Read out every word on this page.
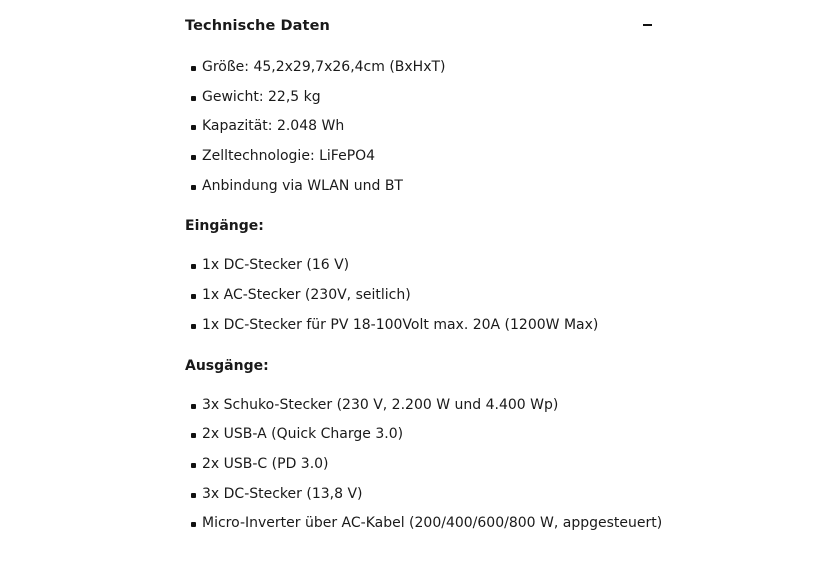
Technische Daten
Größe: 45,2x29,7x26,4cm (BxHxT)
Gewicht: 22,5 kg
Kapazität: 2.048 Wh
Zelltechnologie: LiFePO4
Anbindung via WLAN und BT
Eingänge:
1x DC-Stecker (16 V)
1x AC-Stecker (230V, seitlich)
1x DC-Stecker für PV 18-100Volt max. 20A (1200W Max)
Ausgänge:
3x Schuko-Stecker (230 V, 2.200 W und 4.400 Wp)
2x USB-A (Quick Charge 3.0)
2x USB-C (PD 3.0)
3x DC-Stecker (13,8 V)
Micro-Inverter über AC-Kabel (200/400/600/800 W, appgesteuert)
